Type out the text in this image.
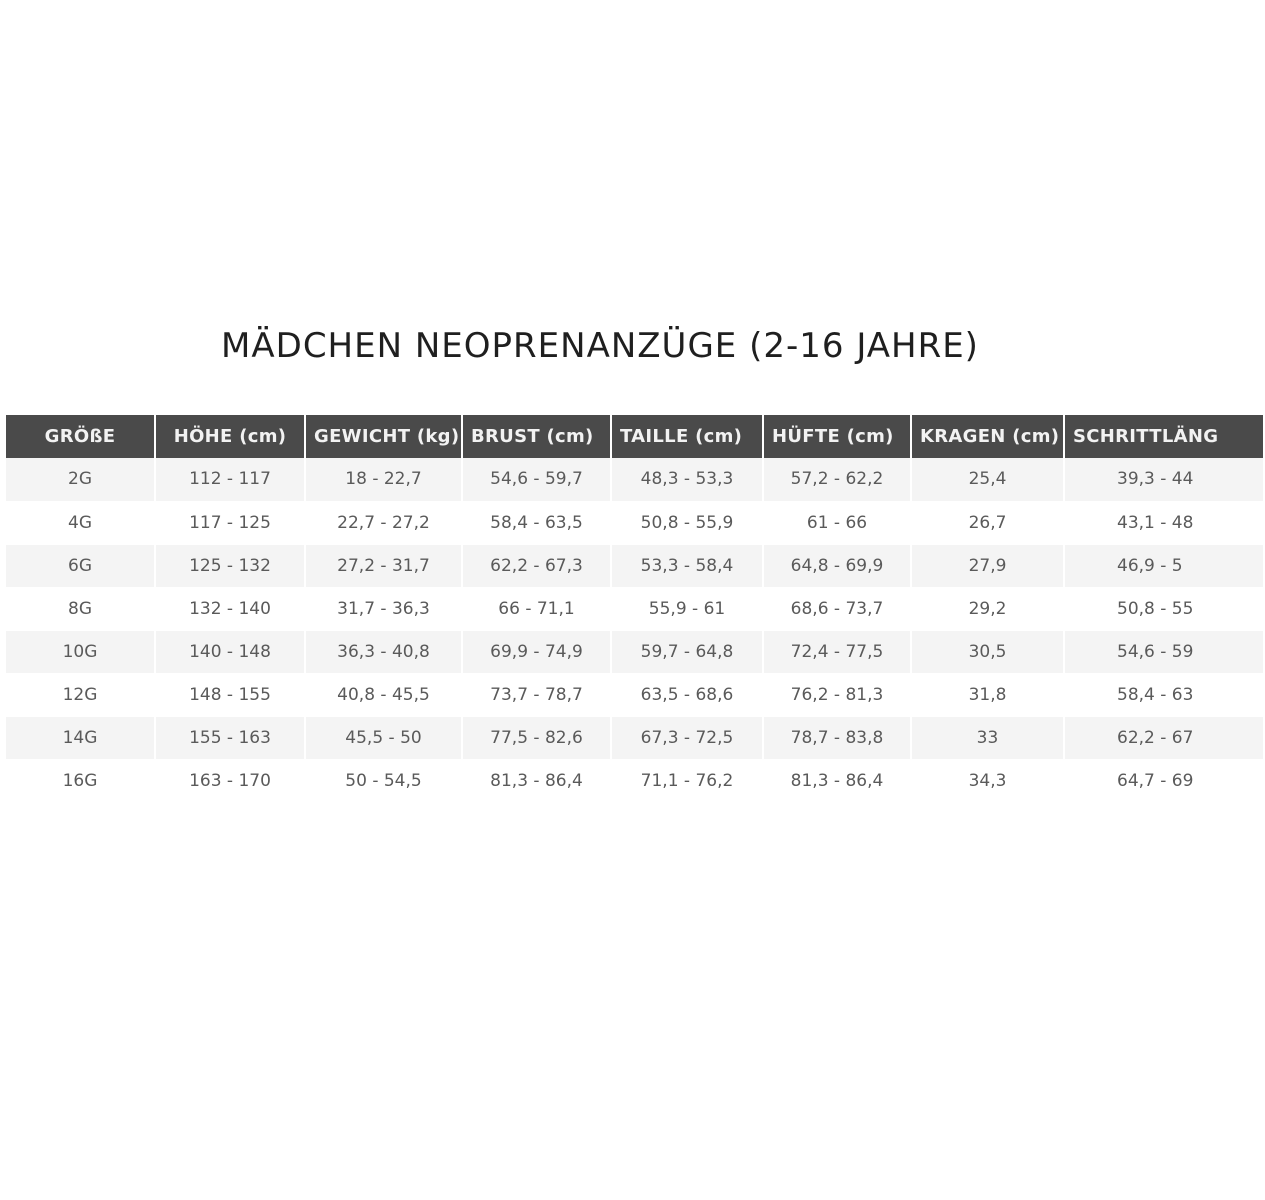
MÄDCHEN NEOPRENANZÜGE (2-16 JAHRE)
GRÖßE	HÖHE (cm)	GEWICHT (kg)	BRUST (cm)	TAILLE (cm)	HÜFTE (cm)	KRAGEN (cm)	SCHRITTLÄNG
2G	112 - 117	18 - 22,7	54,6 - 59,7	48,3 - 53,3	57,2 - 62,2	25,4	39,3 - 44
4G	117 - 125	22,7 - 27,2	58,4 - 63,5	50,8 - 55,9	61 - 66	26,7	43,1 - 48
6G	125 - 132	27,2 - 31,7	62,2 - 67,3	53,3 - 58,4	64,8 - 69,9	27,9	46,9 - 5
8G	132 - 140	31,7 - 36,3	66 - 71,1	55,9 - 61	68,6 - 73,7	29,2	50,8 - 55
10G	140 - 148	36,3 - 40,8	69,9 - 74,9	59,7 - 64,8	72,4 - 77,5	30,5	54,6 - 59
12G	148 - 155	40,8 - 45,5	73,7 - 78,7	63,5 - 68,6	76,2 - 81,3	31,8	58,4 - 63
14G	155 - 163	45,5 - 50	77,5 - 82,6	67,3 - 72,5	78,7 - 83,8	33	62,2 - 67
16G	163 - 170	50 - 54,5	81,3 - 86,4	71,1 - 76,2	81,3 - 86,4	34,3	64,7 - 69
